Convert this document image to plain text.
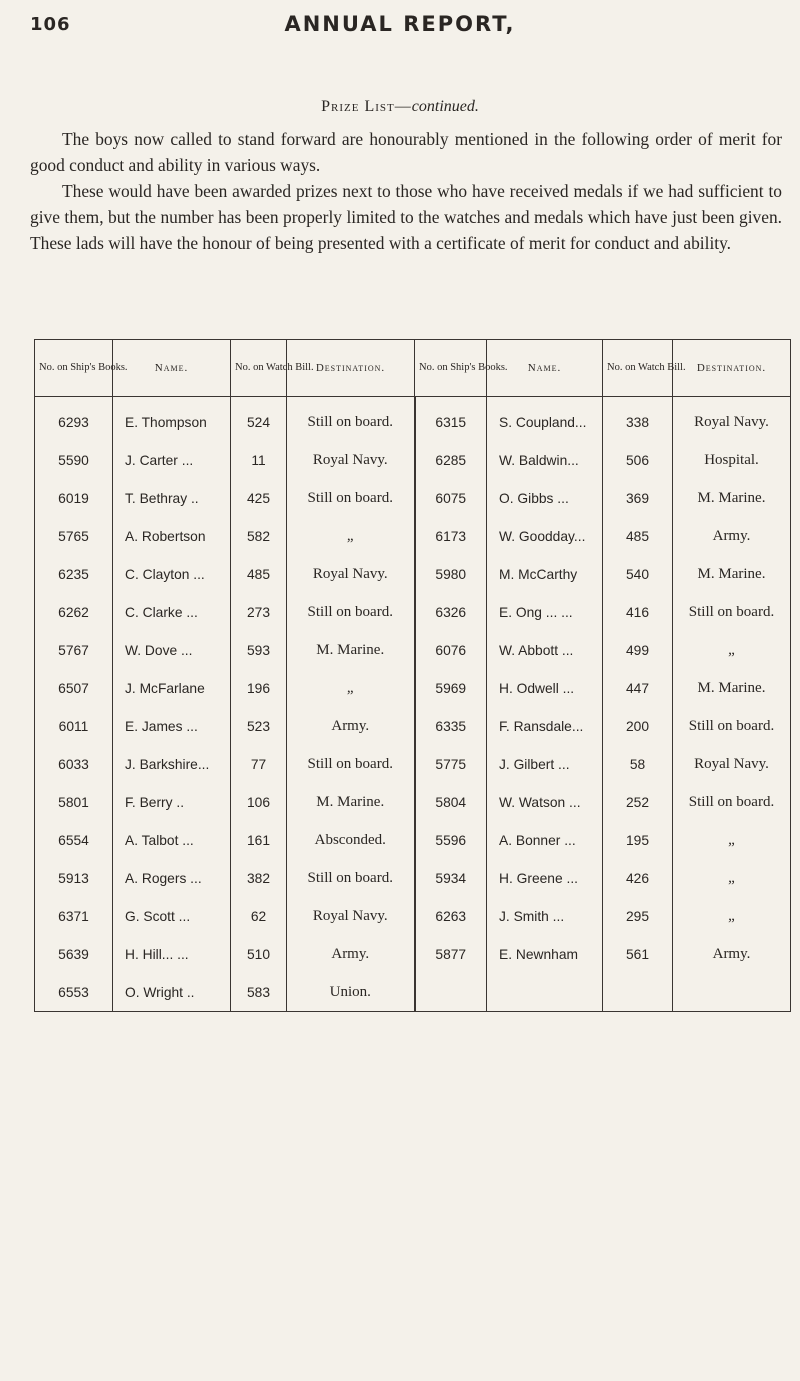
106	ANNUAL REPORT,
Prize List—continued.

The boys now called to stand forward are honourably mentioned in the following order of merit for good conduct and ability in various ways.

These would have been awarded prizes next to those who have received medals if we had sufficient to give them, but the number has been properly limited to the watches and medals which have just been given. These lads will have the honour of being presented with a certificate of merit for conduct and ability.

No. on Ship's Books.	Name.	No. on Watch Bill.	Destination.	No. on Ship's Books.	Name.	No. on Watch Bill.	Destination.
6293	E. Thompson	524	Still on board.	6315	S. Coupland...	338	Royal Navy.
5590	J. Carter ...	11	Royal Navy.	6285	W. Baldwin...	506	Hospital.
6019	T. Bethray ..	425	Still on board.	6075	O. Gibbs ...	369	M. Marine.
5765	A. Robertson	582	„	6173	W. Goodday...	485	Army.
6235	C. Clayton ...	485	Royal Navy.	5980	M. McCarthy	540	M. Marine.
6262	C. Clarke ...	273	Still on board.	6326	E. Ong ... ...	416	Still on board.
5767	W. Dove ...	593	M. Marine.	6076	W. Abbott ...	499	„
6507	J. McFarlane	196	„	5969	H. Odwell ...	447	M. Marine.
6011	E. James ...	523	Army.	6335	F. Ransdale...	200	Still on board.
6033	J. Barkshire...	77	Still on board.	5775	J. Gilbert ...	58	Royal Navy.
5801	F. Berry ..	106	M. Marine.	5804	W. Watson ...	252	Still on board.
6554	A. Talbot ...	161	Absconded.	5596	A. Bonner ...	195	„
5913	A. Rogers ...	382	Still on board.	5934	H. Greene ...	426	„
6371	G. Scott ...	62	Royal Navy.	6263	J. Smith ...	295	„
5639	H. Hill... ...	510	Army.	5877	E. Newnham	561	Army.
6553	O. Wright ..	583	Union.				
